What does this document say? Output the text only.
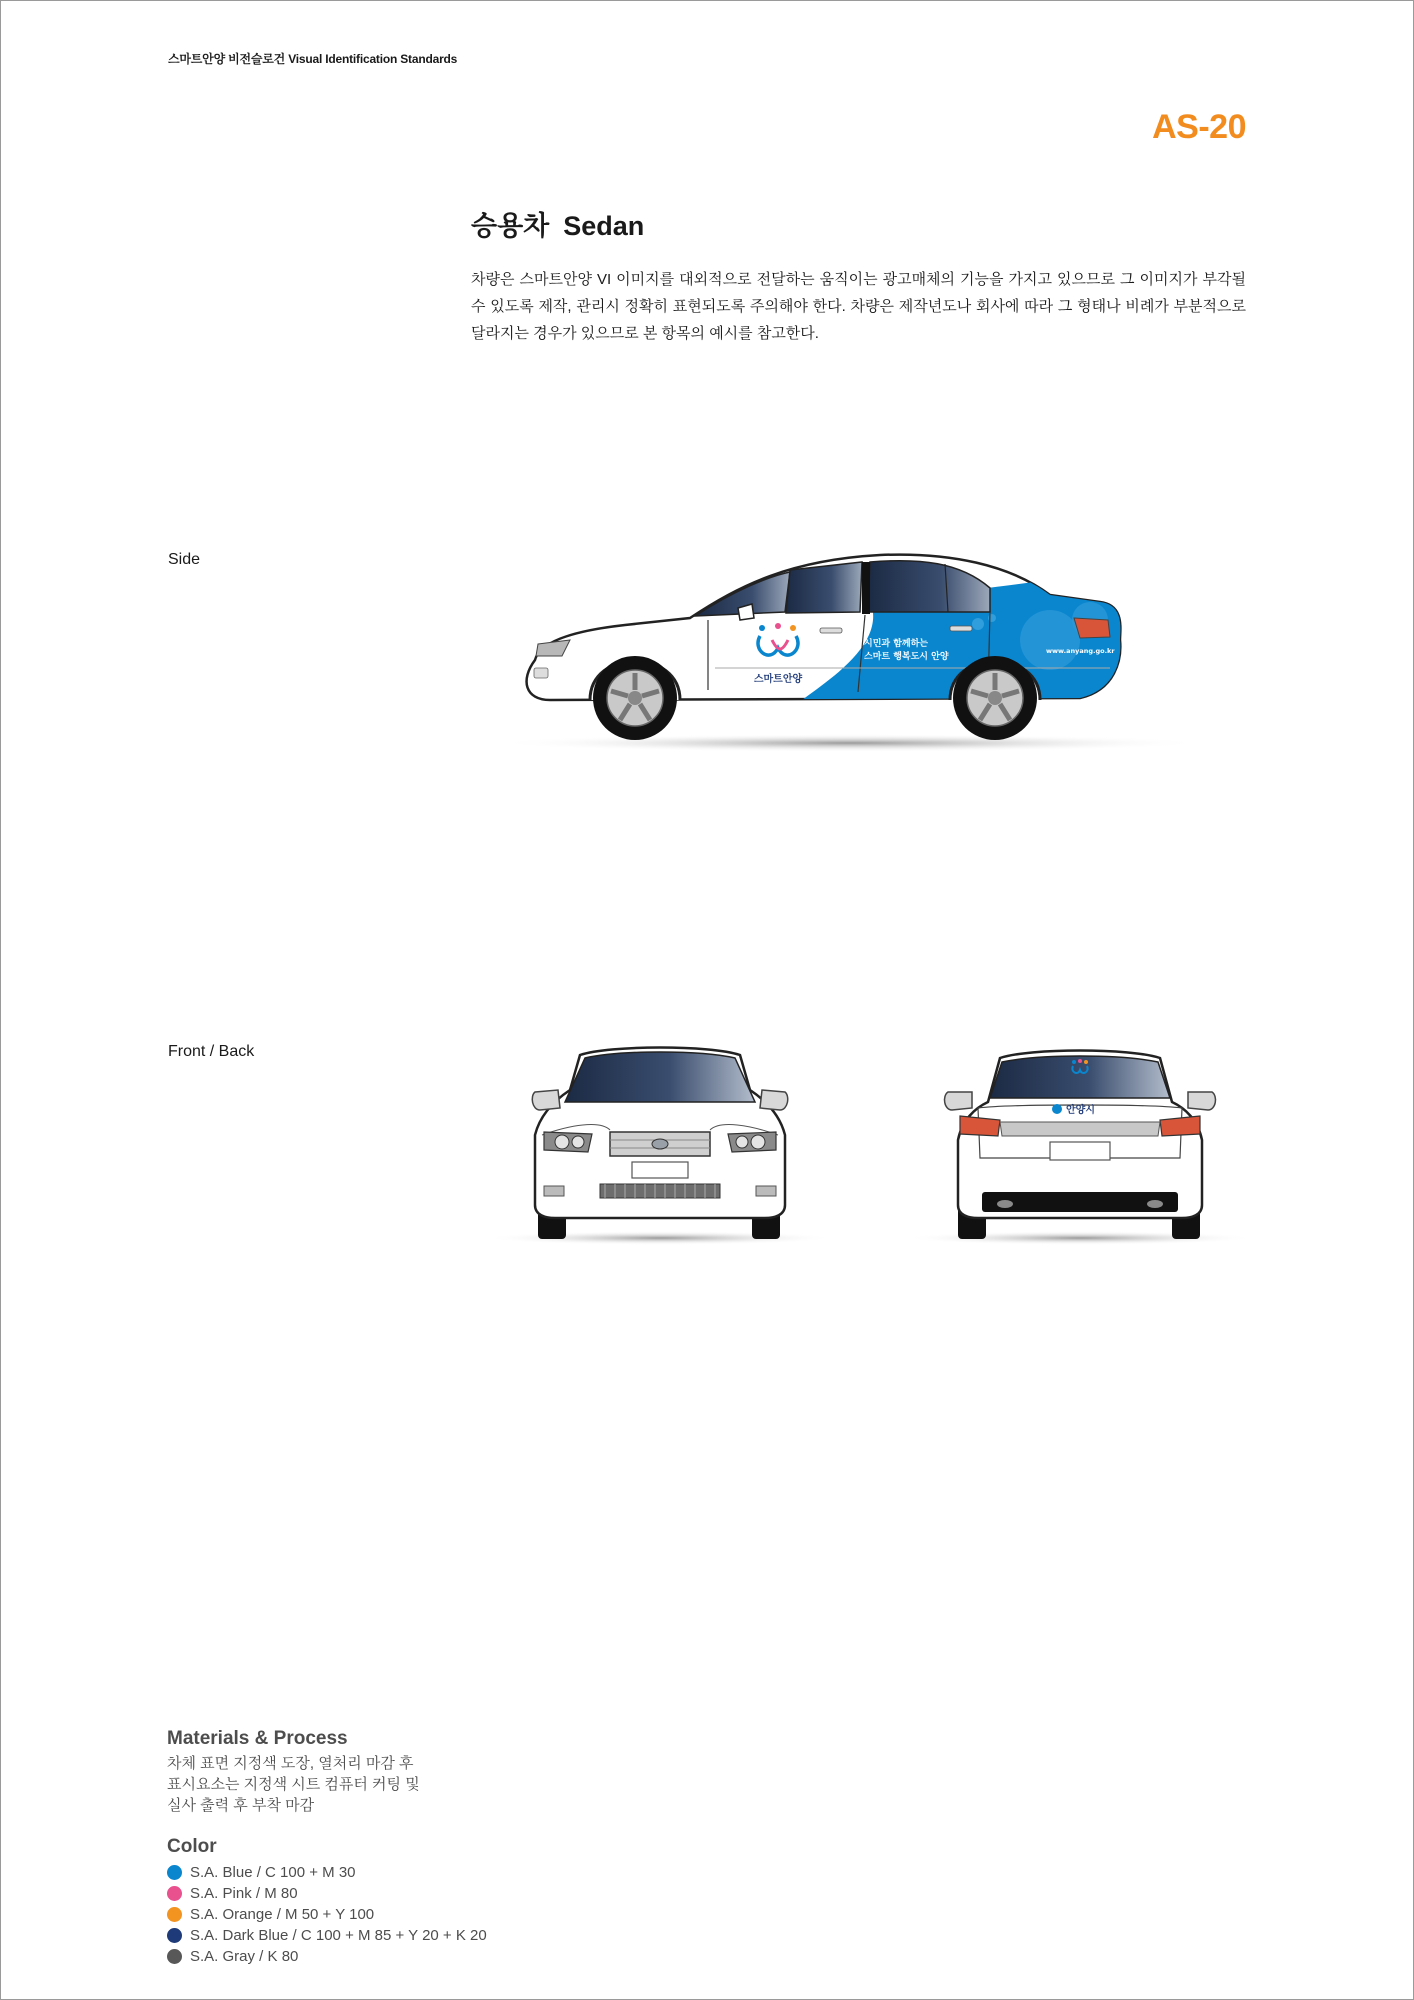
스마트안양 비전슬로건 Visual Identification Standards
AS-20
승용차 Sedan
차량은 스마트안양 VI 이미지를 대외적으로 전달하는 움직이는 광고매체의 기능을 가지고 있으므로 그 이미지가 부각될 수 있도록 제작, 관리시 정확히 표현되도록 주의해야 한다. 차량은 제작년도나 회사에 따라 그 형태나 비례가 부분적으로 달라지는 경우가 있으므로 본 항목의 예시를 참고한다.
Side
Front / Back
스마트안양
시민과 함께하는
스마트 행복도시 안양
www.anyang.go.kr
안양시
Materials & Process
차체 표면 지정색 도장, 열처리 마감 후
표시요소는 지정색 시트 컴퓨터 커팅 및
실사 출력 후 부착 마감
Color
S.A. Blue / C 100 + M 30
S.A. Pink / M 80
S.A. Orange / M 50 + Y 100
S.A. Dark Blue / C 100 + M 85 + Y 20 + K 20
S.A. Gray / K 80
